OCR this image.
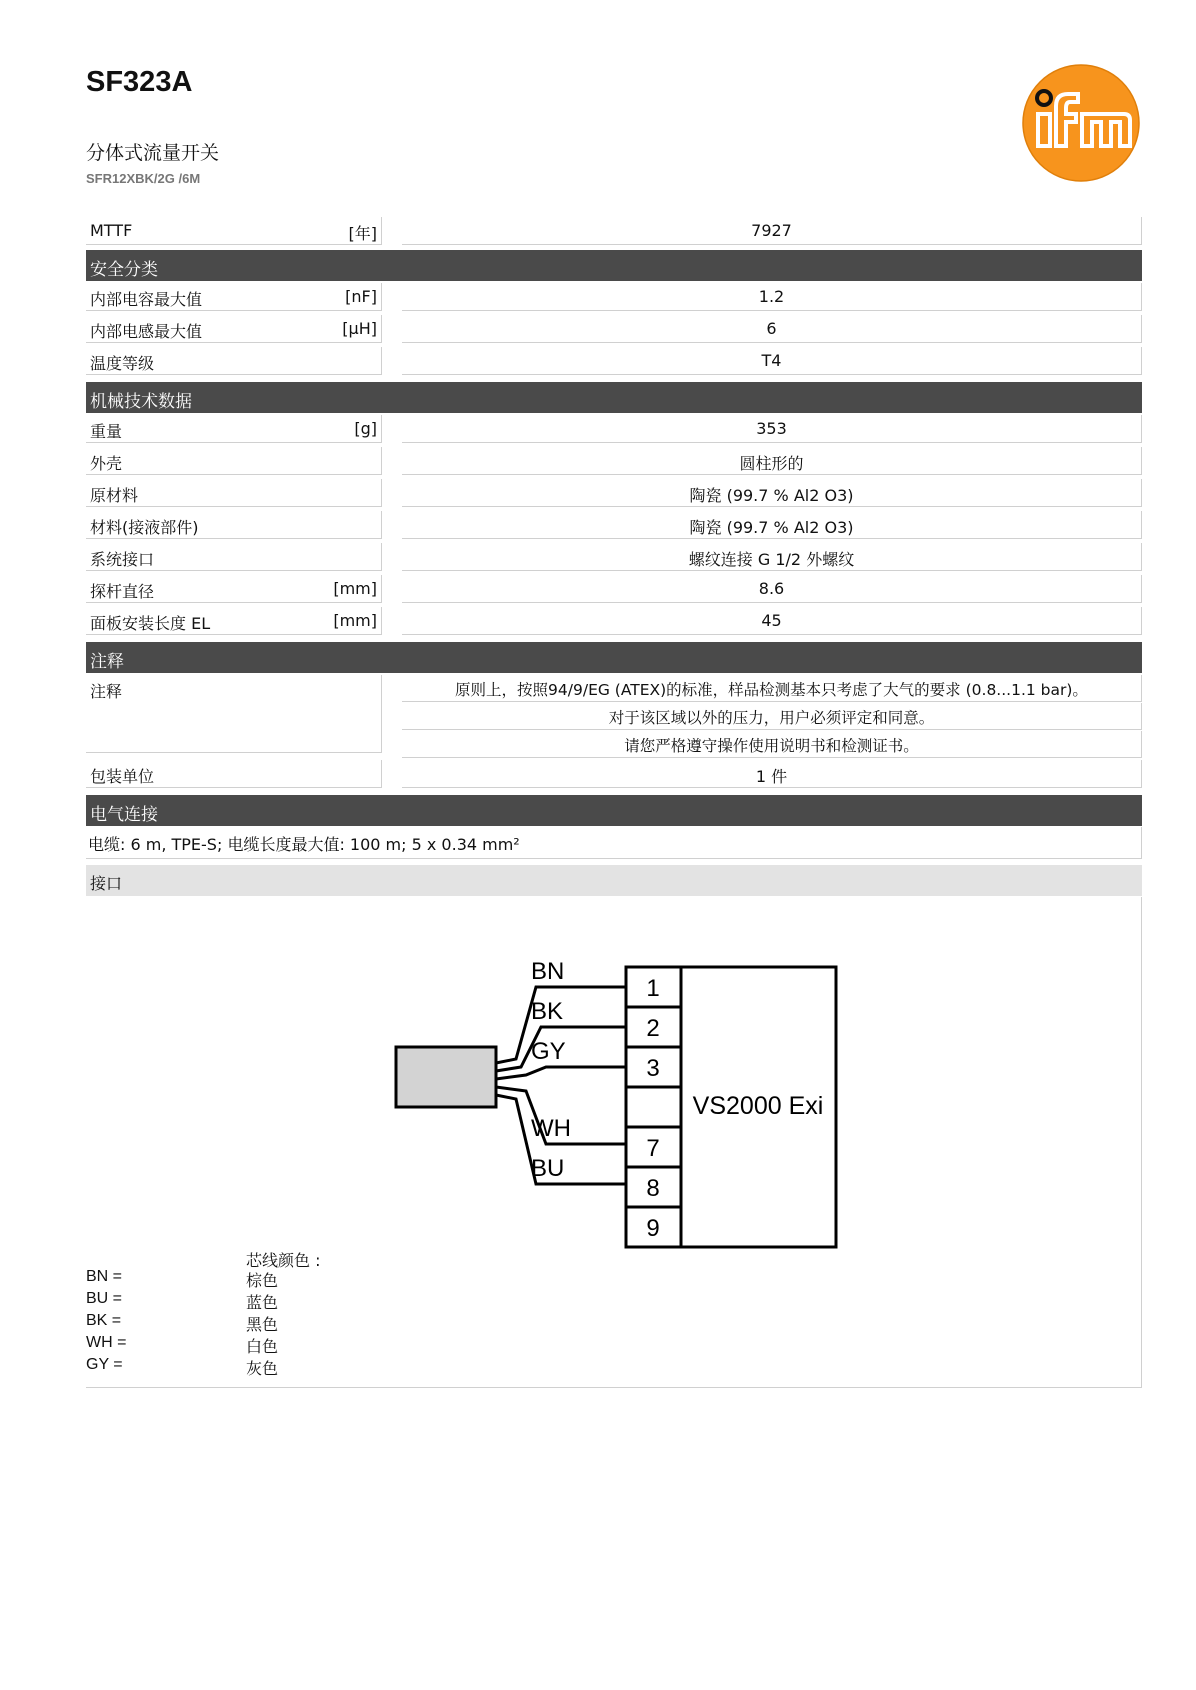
SF323A
分体式流量开关
SFR12XBK/2G /6M
MTTF	[年]	7927
安全分类
内部电容最大值	[nF]	1.2
内部电感最大值	[µH]	6
温度等级	T4
机械技术数据
重量	[g]	353
外壳	圆柱形的
原材料	陶瓷 (99.7 % Al2 O3)
材料(接液部件)	陶瓷 (99.7 % Al2 O3)
系统接口	螺纹连接 G 1/2 外螺纹
探杆直径	[mm]	8.6
面板安装长度 EL	[mm]	45
注释
注释	原则上，按照94/9/EG (ATEX)的标准，样品检测基本只考虑了大气的要求 (0.8...1.1 bar)。
对于该区域以外的压力，用户必须评定和同意。
请您严格遵守操作使用说明书和检测证书。
包装单位	1 件
电气连接
电缆: 6 m, TPE-S; 电缆长度最大值: 100 m; 5 x 0.34 mm²
接口
BN
BK
GY
WH
BU
1
2
3
7
8
9
VS2000 Exi
芯线颜色 :
BN =	棕色
BU =	蓝色
BK =	黑色
WH =	白色
GY =	灰色
